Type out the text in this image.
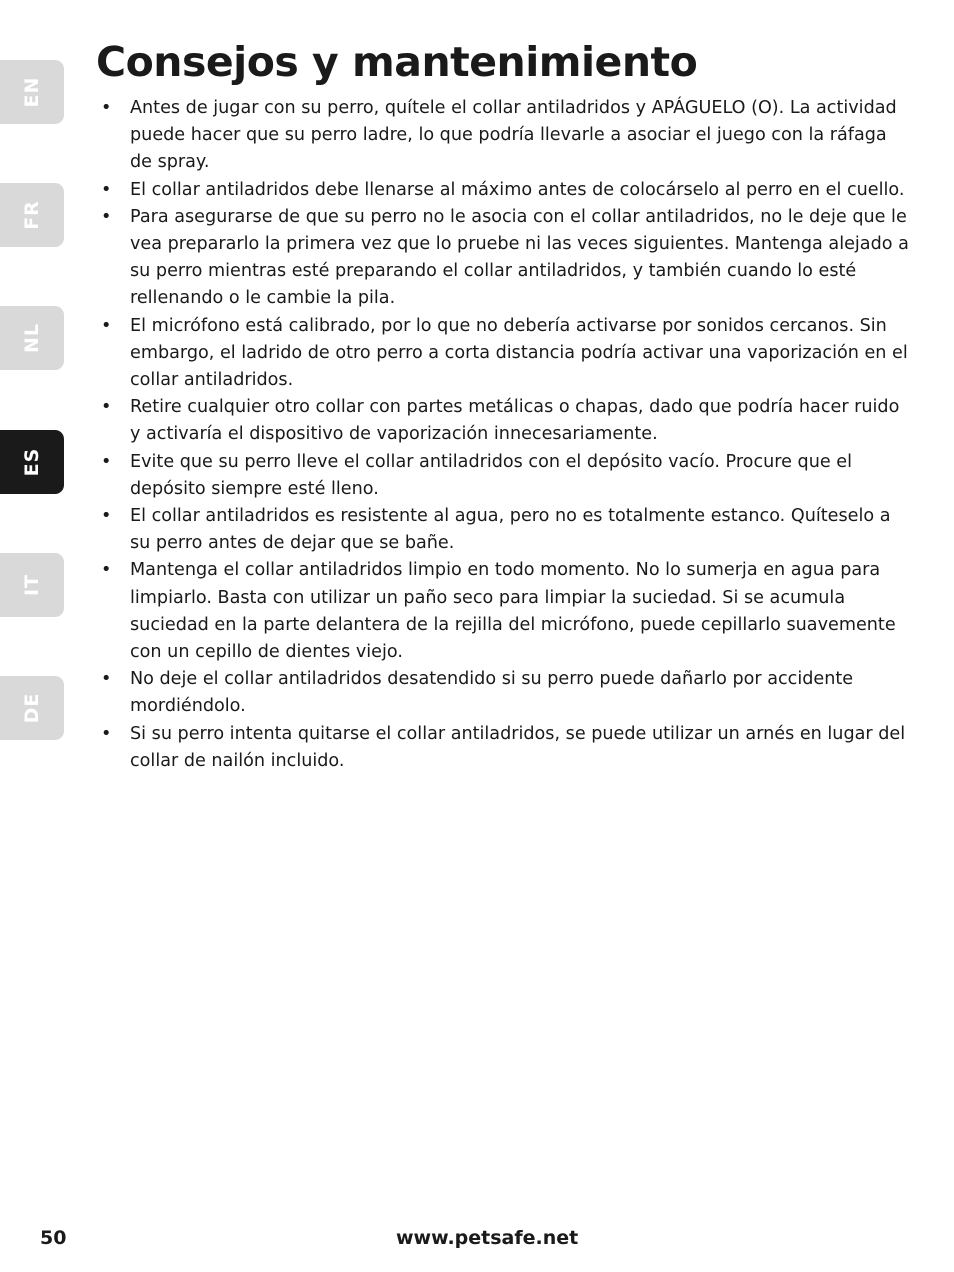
EN
FR
NL
ES
IT
DE
Consejos y mantenimiento
• Antes de jugar con su perro, quítele el collar antiladridos y APÁGUELO (O). La actividad puede hacer que su perro ladre, lo que podría llevarle a asociar el juego con la ráfaga de spray.
• El collar antiladridos debe llenarse al máximo antes de colocárselo al perro en el cuello.
• Para asegurarse de que su perro no le asocia con el collar antiladridos, no le deje que le vea prepararlo la primera vez que lo pruebe ni las veces siguientes. Mantenga alejado a su perro mientras esté preparando el collar antiladridos, y también cuando lo esté rellenando o le cambie la pila.
• El micrófono está calibrado, por lo que no debería activarse por sonidos cercanos. Sin embargo, el ladrido de otro perro a corta distancia podría activar una vaporización en el collar antiladridos.
• Retire cualquier otro collar con partes metálicas o chapas, dado que podría hacer ruido y activaría el dispositivo de vaporización innecesariamente.
• Evite que su perro lleve el collar antiladridos con el depósito vacío. Procure que el depósito siempre esté lleno.
• El collar antiladridos es resistente al agua, pero no es totalmente estanco. Quíteselo a su perro antes de dejar que se bañe.
• Mantenga el collar antiladridos limpio en todo momento. No lo sumerja en agua para limpiarlo. Basta con utilizar un paño seco para limpiar la suciedad. Si se acumula suciedad en la parte delantera de la rejilla del micrófono, puede cepillarlo suavemente con un cepillo de dientes viejo.
• No deje el collar antiladridos desatendido si su perro puede dañarlo por accidente mordiéndolo.
• Si su perro intenta quitarse el collar antiladridos, se puede utilizar un arnés en lugar del collar de nailón incluido.
50	www.petsafe.net
